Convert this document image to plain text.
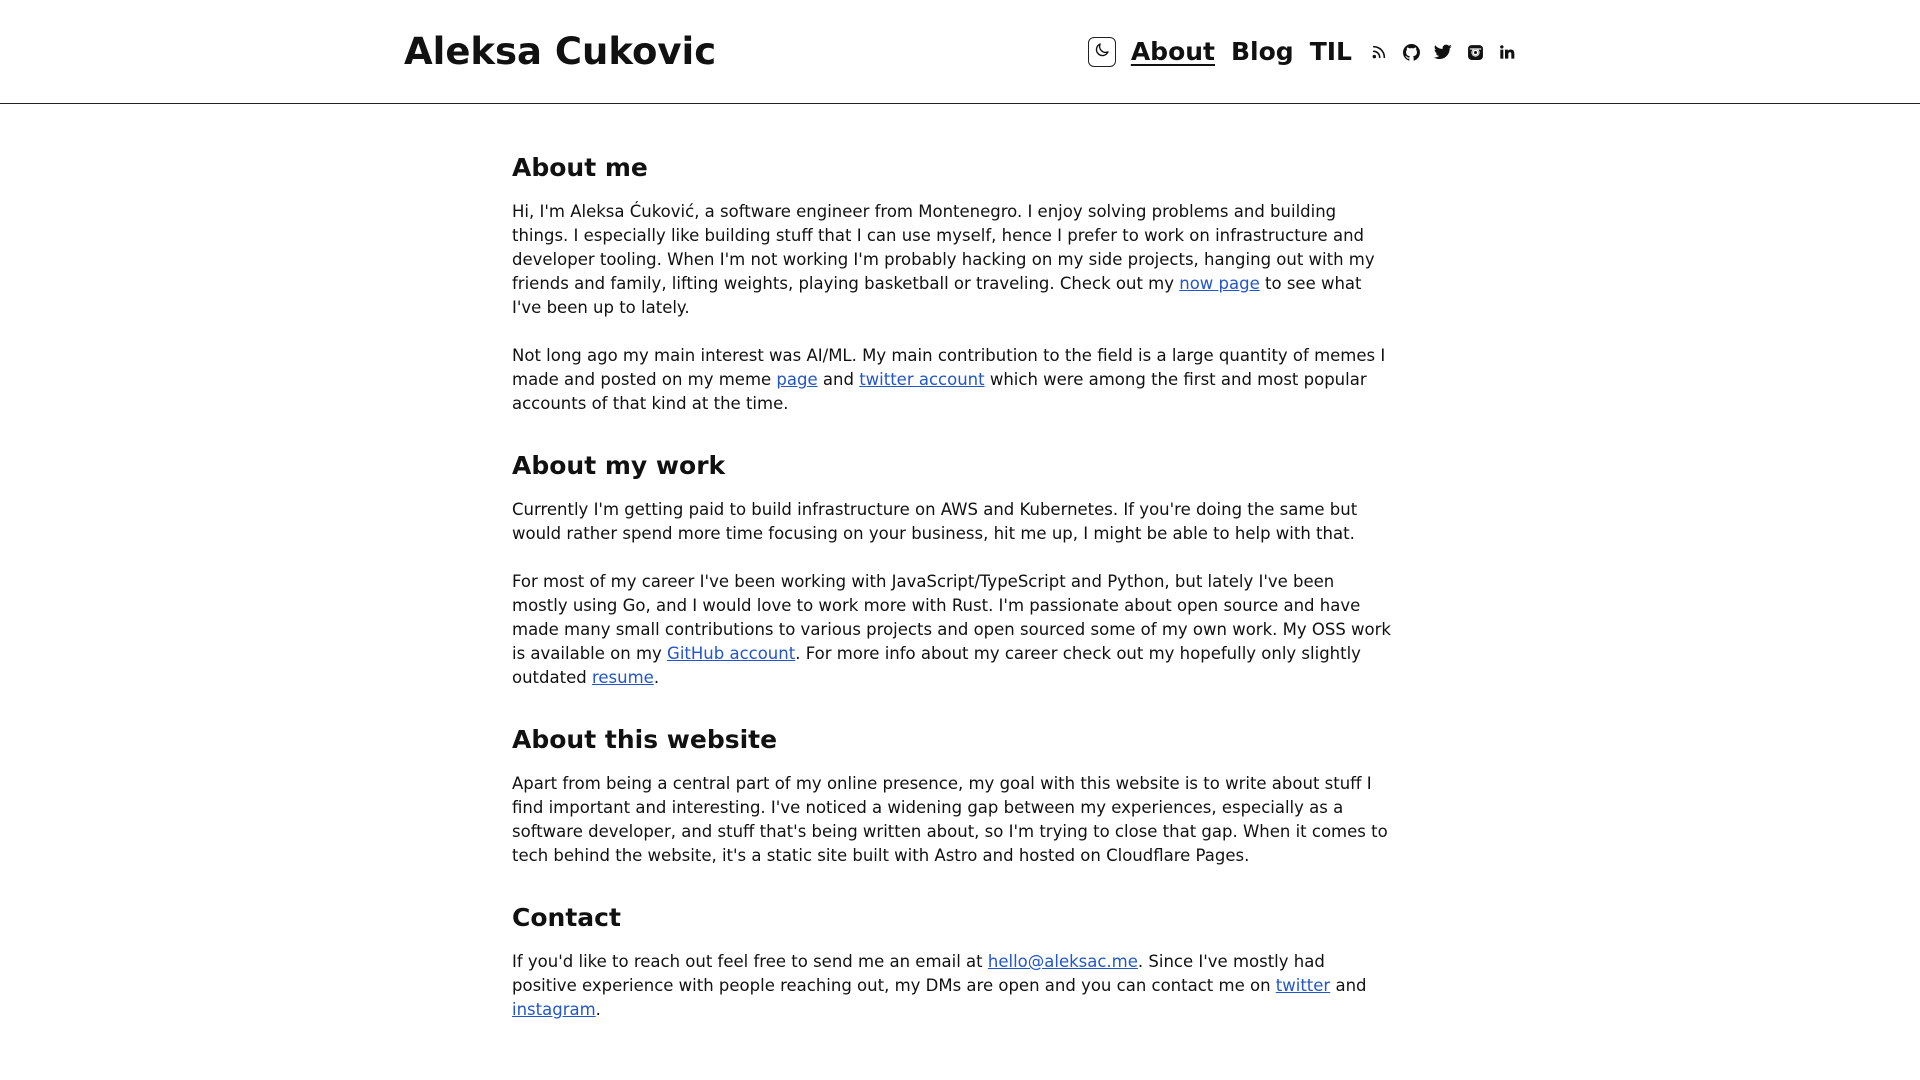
Aleksa Cukovic	About Blog TIL
About me

Hi, I'm Aleksa Ćuković, a software engineer from Montenegro. I enjoy solving problems and building things. I especially like building stuff that I can use myself, hence I prefer to work on infrastructure and developer tooling. When I'm not working I'm probably hacking on my side projects, hanging out with my friends and family, lifting weights, playing basketball or traveling. Check out my now page to see what I've been up to lately.

Not long ago my main interest was AI/ML. My main contribution to the field is a large quantity of memes I made and posted on my meme page and twitter account which were among the first and most popular accounts of that kind at the time.

About my work

Currently I'm getting paid to build infrastructure on AWS and Kubernetes. If you're doing the same but would rather spend more time focusing on your business, hit me up, I might be able to help with that.

For most of my career I've been working with JavaScript/TypeScript and Python, but lately I've been mostly using Go, and I would love to work more with Rust. I'm passionate about open source and have made many small contributions to various projects and open sourced some of my own work. My OSS work is available on my GitHub account. For more info about my career check out my hopefully only slightly outdated resume.

About this website

Apart from being a central part of my online presence, my goal with this website is to write about stuff I find important and interesting. I've noticed a widening gap between my experiences, especially as a software developer, and stuff that's being written about, so I'm trying to close that gap. When it comes to tech behind the website, it's a static site built with Astro and hosted on Cloudflare Pages.

Contact

If you'd like to reach out feel free to send me an email at hello@aleksac.me. Since I've mostly had positive experience with people reaching out, my DMs are open and you can contact me on twitter and instagram.
